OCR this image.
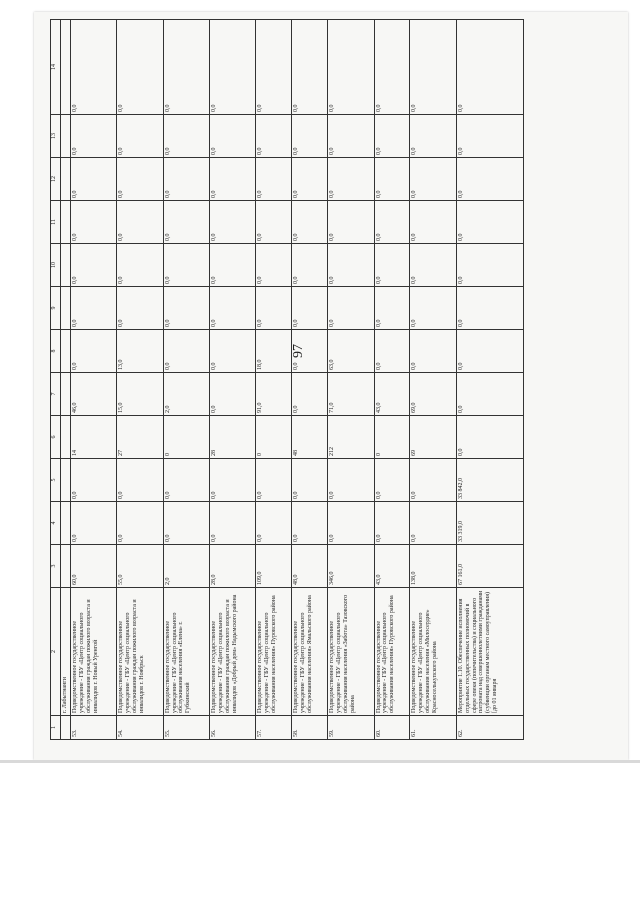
97
1	2	3	4	5	6	7	8	9	10	11	12	13	14
	г. Лабытнанги												
53.	Подведомственное государственное учреждение - ГБУ «Центр социального обслуживания граждан пожилого возраста и инвалидов г. Новый Уренгой	60,0	0,0	0,0	14	46,0	0,0	0,0	0,0	0,0	0,0	0,0	0,0
54.	Подведомственное государственное учреждение - ГБУ «Центр социального обслуживания граждан пожилого возраста и инвалидов г. Ноябрьск	55,0	0,0	0,0	27	15,0	13,0	0,0	0,0	0,0	0,0	0,0	0,0
55.	Подведомственное государственное учреждение - ГБУ «Центр социального обслуживания населения «Елена» г. Губкинский	2,0	0,0	0,0	0	2,0	0,0	0,0	0,0	0,0	0,0	0,0	0,0
56.	Подведомственное государственное учреждение - ГБУ «Центр социального обслуживания граждан пожилого возраста и инвалидов «Добрый дом» Надымского района	28,0	0,0	0,0	28	0,0	0,0	0,0	0,0	0,0	0,0	0,0	0,0
57.	Подведомственное государственное учреждение - ГБУ «Центр социального обслуживания населения» Пуровского района	109,0	0,0	0,0	0	91,0	18,0	0,0	0,0	0,0	0,0	0,0	0,0
58.	Подведомственное государственное учреждение - ГБУ «Центр социального обслуживания населения» Ямальского района	48,0	0,0	0,0	48	0,0	0,0	0,0	0,0	0,0	0,0	0,0	0,0
59.	Подведомственное государственное учреждение - ГБУ «Центр социального обслуживания населения «Забота» Тазовского района	346,0	0,0	0,0	212	71,0	63,0	0,0	0,0	0,0	0,0	0,0	0,0
60.	Подведомственное государственное учреждение - ГБУ «Центр социального обслуживания населения» Пуровского района	43,0	0,0	0,0	0	43,0	0,0	0,0	0,0	0,0	0,0	0,0	0,0
61.	Подведомственное государственное учреждение - ГБУ «Центр социального обслуживания населения «Милосердие» Красноселькупского района	138,0	0,0	0,0	69	69,0	0,0	0,0	0,0	0,0	0,0	0,0	0,0
62.	Мероприятие 1.10. Обеспечение исполнения отдельных государственных полномочий в сфере опеки (попечительства) и социального патроната над совершеннолетними гражданами (субвенции органам местного самоуправления) [до 01 января	67 161,0	33 319,0	33 842,0	0,0	0,0	0,0	0,0	0,0	0,0	0,0	0,0	0,0
